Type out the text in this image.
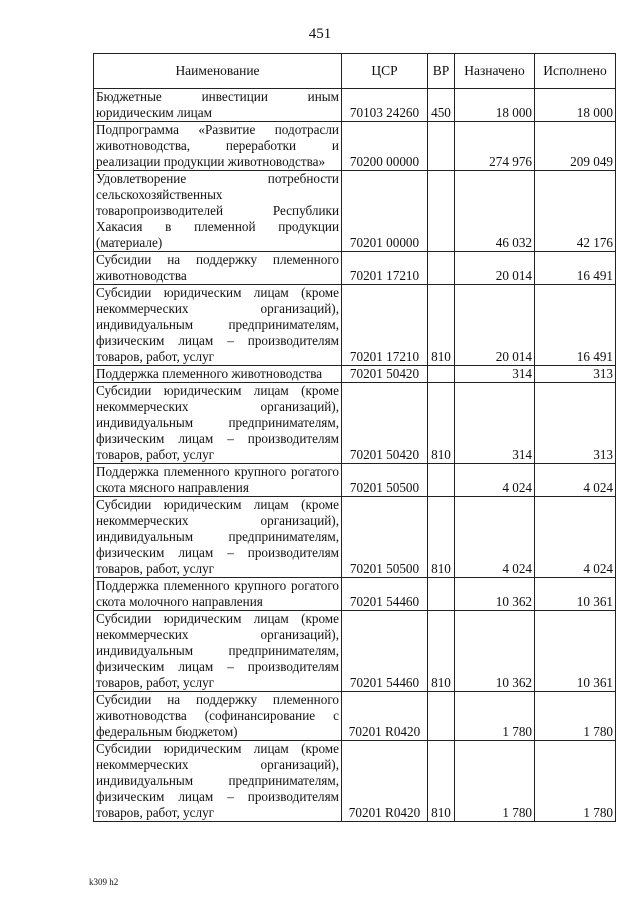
451
Наименование	ЦСР	ВР	Назначено	Исполнено
Бюджетные инвестиции иным юридическим лицам	70103 24260	450	18 000	18 000
Подпрограмма «Развитие подотрасли животноводства, переработки и реализации продукции животноводства»	70200 00000		274 976	209 049
Удовлетворение потребности сельскохозяйственных товаропроизводителей Республики Хакасия в племенной продукции (материале)	70201 00000		46 032	42 176
Субсидии на поддержку племенного животноводства	70201 17210		20 014	16 491
Субсидии юридическим лицам (кроме некоммерческих организаций), индивидуальным предпринимателям, физическим лицам – производителям товаров, работ, услуг	70201 17210	810	20 014	16 491
Поддержка племенного животноводства	70201 50420		314	313
Субсидии юридическим лицам (кроме некоммерческих организаций), индивидуальным предпринимателям, физическим лицам – производителям товаров, работ, услуг	70201 50420	810	314	313
Поддержка племенного крупного рогатого скота мясного направления	70201 50500		4 024	4 024
Субсидии юридическим лицам (кроме некоммерческих организаций), индивидуальным предпринимателям, физическим лицам – производителям товаров, работ, услуг	70201 50500	810	4 024	4 024
Поддержка племенного крупного рогатого скота молочного направления	70201 54460		10 362	10 361
Субсидии юридическим лицам (кроме некоммерческих организаций), индивидуальным предпринимателям, физическим лицам – производителям товаров, работ, услуг	70201 54460	810	10 362	10 361
Субсидии на поддержку племенного животноводства (софинансирование с федеральным бюджетом)	70201 R0420		1 780	1 780
Субсидии юридическим лицам (кроме некоммерческих организаций), индивидуальным предпринимателям, физическим лицам – производителям товаров, работ, услуг	70201 R0420	810	1 780	1 780
k309 h2
